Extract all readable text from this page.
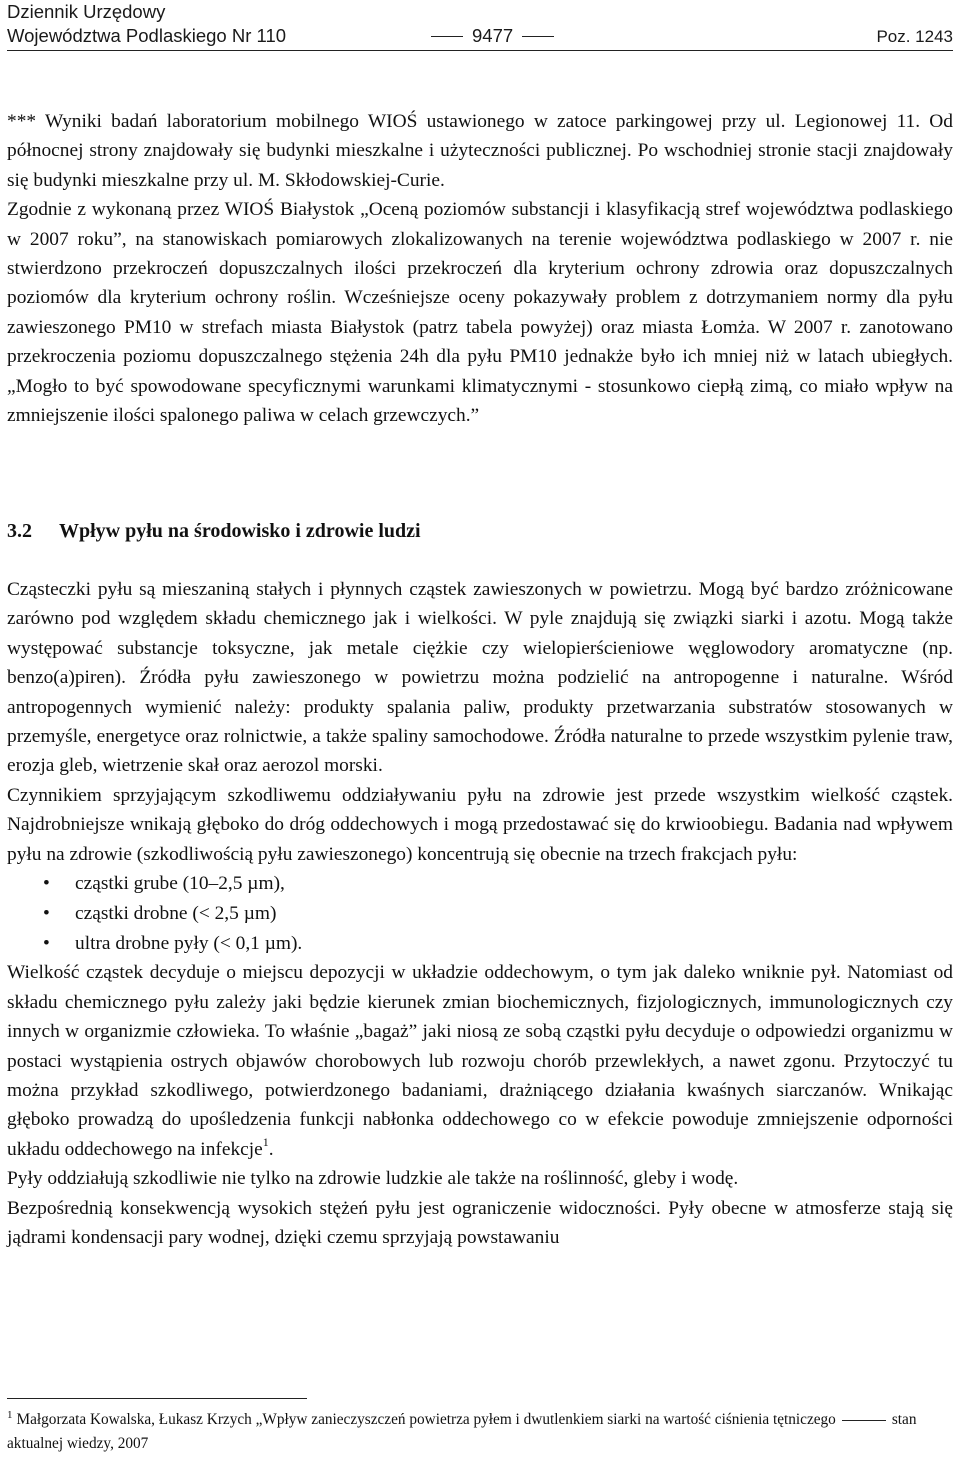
Dziennik Urzędowy
Województwa Podlaskiego Nr 110	9477	Poz. 1243

*** Wyniki badań laboratorium mobilnego WIOŚ ustawionego w zatoce parkingowej przy ul. Legionowej 11. Od północnej strony znajdowały się budynki mieszkalne i użyteczności publicznej. Po wschodniej stronie stacji znajdowały się budynki mieszkalne przy ul. M. Skłodowskiej-Curie.

Zgodnie z wykonaną przez WIOŚ Białystok „Oceną poziomów substancji i klasyfikacją stref województwa podlaskiego w 2007 roku”, na stanowiskach pomiarowych zlokalizowanych na terenie województwa podlaskiego w 2007 r. nie stwierdzono przekroczeń dopuszczalnych ilości przekroczeń dla kryterium ochrony zdrowia oraz dopuszczalnych poziomów dla kryterium ochrony roślin. Wcześniejsze oceny pokazywały problem z dotrzymaniem normy dla pyłu zawieszonego PM10 w strefach miasta Białystok (patrz tabela powyżej) oraz miasta Łomża. W 2007 r. zanotowano przekroczenia poziomu dopuszczalnego stężenia 24h dla pyłu PM10 jednakże było ich mniej niż w latach ubiegłych. „Mogło to być spowodowane specyficznymi warunkami klimatycznymi - stosunkowo ciepłą zimą, co miało wpływ na zmniejszenie ilości spalonego paliwa w celach grzewczych.”

3.2 Wpływ pyłu na środowisko i zdrowie ludzi

Cząsteczki pyłu są mieszaniną stałych i płynnych cząstek zawieszonych w powietrzu. Mogą być bardzo zróżnicowane zarówno pod względem składu chemicznego jak i wielkości. W pyle znajdują się związki siarki i azotu. Mogą także występować substancje toksyczne, jak metale ciężkie czy wielopierścieniowe węglowodory aromatyczne (np. benzo(a)piren). Źródła pyłu zawieszonego w powietrzu można podzielić na antropogenne i naturalne. Wśród antropogennych wymienić należy: produkty spalania paliw, produkty przetwarzania substratów stosowanych w przemyśle, energetyce oraz rolnictwie, a także spaliny samochodowe. Źródła naturalne to przede wszystkim pylenie traw, erozja gleb, wietrzenie skał oraz aerozol morski.

Czynnikiem sprzyjającym szkodliwemu oddziaływaniu pyłu na zdrowie jest przede wszystkim wielkość cząstek. Najdrobniejsze wnikają głęboko do dróg oddechowych i mogą przedostawać się do krwioobiegu. Badania nad wpływem pyłu na zdrowie (szkodliwością pyłu zawieszonego) koncentrują się obecnie na trzech frakcjach pyłu:

• cząstki grube (10–2,5 µm),
• cząstki drobne (< 2,5 µm)
• ultra drobne pyły (< 0,1 µm).

Wielkość cząstek decyduje o miejscu depozycji w układzie oddechowym, o tym jak daleko wniknie pył. Natomiast od składu chemicznego pyłu zależy jaki będzie kierunek zmian biochemicznych, fizjologicznych, immunologicznych czy innych w organizmie człowieka. To właśnie „bagaż” jaki niosą ze sobą cząstki pyłu decyduje o odpowiedzi organizmu w postaci wystąpienia ostrych objawów chorobowych lub rozwoju chorób przewlekłych, a nawet zgonu. Przytoczyć tu można przykład szkodliwego, potwierdzonego badaniami, drażniącego działania kwaśnych siarczanów. Wnikając głęboko prowadzą do upośledzenia funkcji nabłonka oddechowego co w efekcie powoduje zmniejszenie odporności układu oddechowego na infekcje$^1$.

Pyły oddziałują szkodliwie nie tylko na zdrowie ludzkie ale także na roślinność, gleby i wodę.

Bezpośrednią konsekwencją wysokich stężeń pyłu jest ograniczenie widoczności. Pyły obecne w atmosferze stają się jądrami kondensacji pary wodnej, dzięki czemu sprzyjają powstawaniu

$^1$ Małgorzata Kowalska, Łukasz Krzych „Wpływ zanieczyszczeń powietrza pyłem i dwutlenkiem siarki na wartość ciśnienia tętniczego	stan aktualnej wiedzy, 2007
